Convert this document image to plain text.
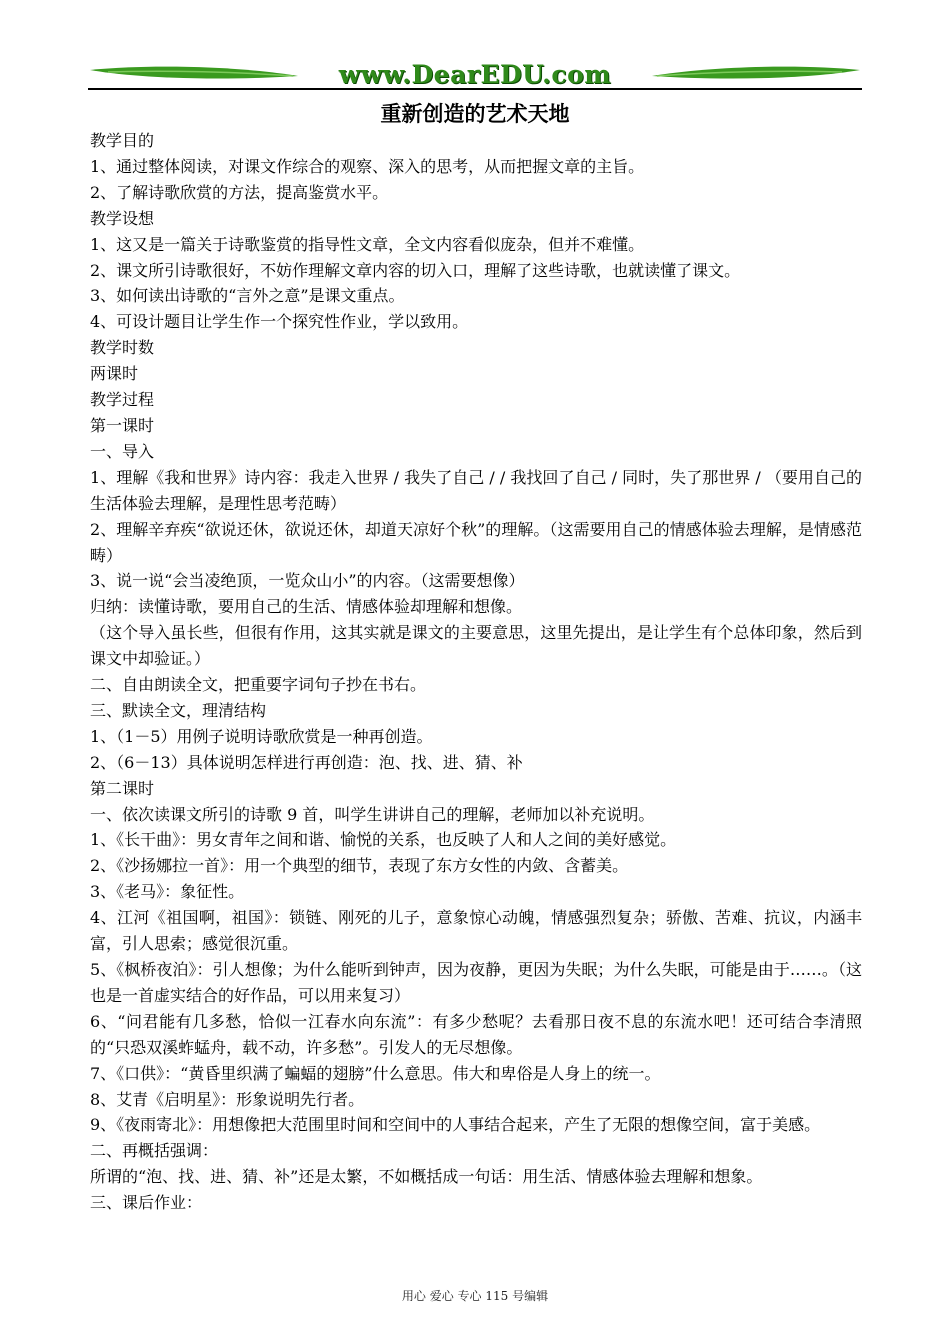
www.DearEDU.com
重新创造的艺术天地

教学目的

1、通过整体阅读，对课文作综合的观察、深入的思考，从而把握文章的主旨。

2、了解诗歌欣赏的方法，提高鉴赏水平。

教学设想

1、这又是一篇关于诗歌鉴赏的指导性文章，全文内容看似庞杂，但并不难懂。

2、课文所引诗歌很好，不妨作理解文章内容的切入口，理解了这些诗歌，也就读懂了课文。

3、如何读出诗歌的“言外之意”是课文重点。

4、可设计题目让学生作一个探究性作业，学以致用。

教学时数

两课时

教学过程

第一课时

一、导入

1、理解《我和世界》诗内容：我走入世界 / 我失了自己 / / 我找回了自己 / 同时，失了那世界 / （要用自己的生活体验去理解，是理性思考范畴）

2、理解辛弃疾“欲说还休，欲说还休，却道天凉好个秋”的理解。（这需要用自己的情感体验去理解，是情感范畴）

3、说一说“会当凌绝顶，一览众山小”的内容。（这需要想像）

归纳：读懂诗歌，要用自己的生活、情感体验却理解和想像。

（这个导入虽长些，但很有作用，这其实就是课文的主要意思，这里先提出，是让学生有个总体印象，然后到课文中却验证。）

二、自由朗读全文，把重要字词句子抄在书右。

三、默读全文，理清结构

1、（1－5）用例子说明诗歌欣赏是一种再创造。

2、（6－13）具体说明怎样进行再创造：泡、找、进、猜、补

第二课时

一、依次读课文所引的诗歌 9 首，叫学生讲讲自己的理解，老师加以补充说明。

1、《长干曲》：男女青年之间和谐、愉悦的关系，也反映了人和人之间的美好感觉。

2、《沙扬娜拉一首》：用一个典型的细节，表现了东方女性的内敛、含蓄美。

3、《老马》：象征性。

4、江河《祖国啊，祖国》：锁链、刚死的儿子，意象惊心动魄，情感强烈复杂；骄傲、苦难、抗议，内涵丰富，引人思索；感觉很沉重。

5、《枫桥夜泊》：引人想像；为什么能听到钟声，因为夜静，更因为失眠；为什么失眠，可能是由于……。（这也是一首虚实结合的好作品，可以用来复习）

6、“问君能有几多愁，恰似一江春水向东流”：有多少愁呢？去看那日夜不息的东流水吧！还可结合李清照的“只恐双溪蚱蜢舟，载不动，许多愁”。引发人的无尽想像。

7、《口供》：“黄昏里织满了蝙蝠的翅膀”什么意思。伟大和卑俗是人身上的统一。

8、艾青《启明星》：形象说明先行者。

9、《夜雨寄北》：用想像把大范围里时间和空间中的人事结合起来，产生了无限的想像空间，富于美感。

二、再概括强调：

所谓的“泡、找、进、猜、补”还是太繁，不如概括成一句话：用生活、情感体验去理解和想象。

三、课后作业：

用心 爱心 专心 115 号编辑
